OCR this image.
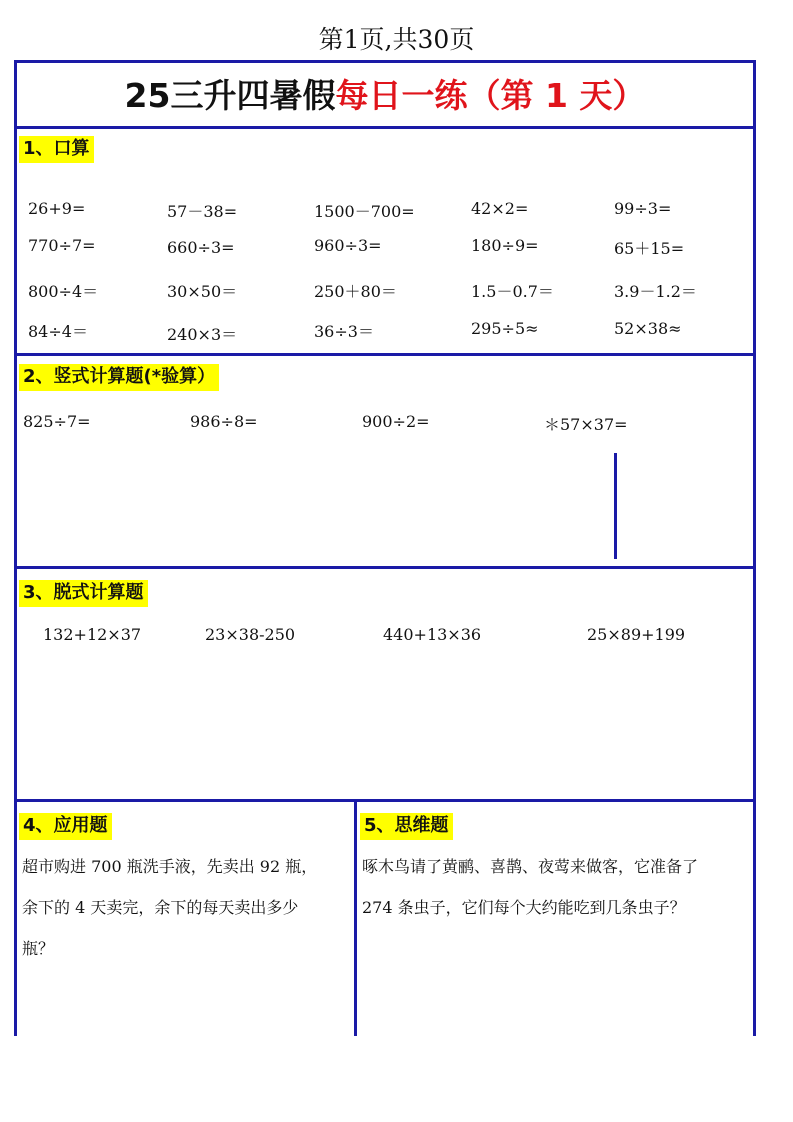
第1页,共30页
25三升四暑假每日一练（第 1 天）
1、口算
26+9=	57－38=	1500－700=	42×2=	99÷3=
770÷7=	660÷3=	960÷3=	180÷9=	65＋15=
800÷4＝	30×50＝	250＋80＝	1.5－0.7＝	3.9－1.2＝
84÷4＝	240×3＝	36÷3＝	295÷5≈	52×38≈
2、竖式计算题(*验算）
825÷7=	986÷8=	900÷2=	＊57×37=
3、脱式计算题
132+12×37	23×38-250	440+13×36	25×89+199
4、应用题
超市购进 700 瓶洗手液，先卖出 92 瓶，
余下的 4 天卖完，余下的每天卖出多少
瓶？
5、思维题
啄木鸟请了黄鹂、喜鹊、夜莺来做客，它准备了
274 条虫子，它们每个大约能吃到几条虫子？
